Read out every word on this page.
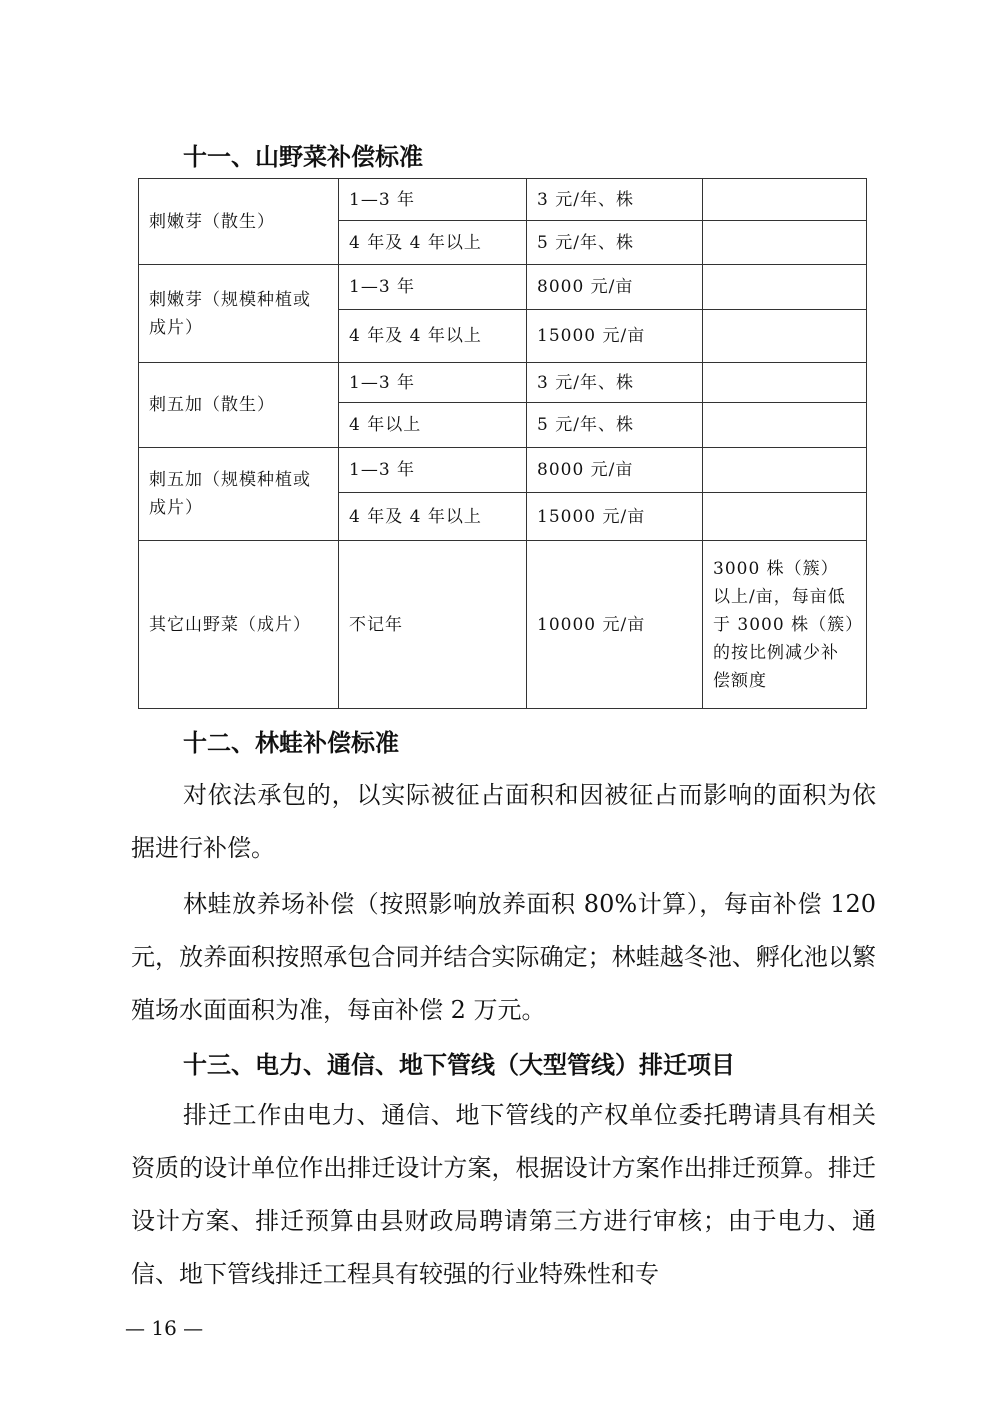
十一、山野菜补偿标准
刺嫩芽（散生）	1—3 年	3 元/年、株	
	4 年及 4 年以上	5 元/年、株	
刺嫩芽（规模种植或成片）	1—3 年	8000 元/亩	
	4 年及 4 年以上	15000 元/亩	
刺五加（散生）	1—3 年	3 元/年、株	
	4 年以上	5 元/年、株	
刺五加（规模种植或成片）	1—3 年	8000 元/亩	
	4 年及 4 年以上	15000 元/亩	
其它山野菜（成片）	不记年	10000 元/亩	3000 株（簇）以上/亩，每亩低于 3000 株（簇）的按比例减少补偿额度
十二、林蛙补偿标准

对依法承包的，以实际被征占面积和因被征占而影响的面积为依据进行补偿。

林蛙放养场补偿（按照影响放养面积 80%计算），每亩补偿 120 元，放养面积按照承包合同并结合实际确定；林蛙越冬池、孵化池以繁殖场水面面积为准，每亩补偿 2 万元。

十三、电力、通信、地下管线（大型管线）排迁项目

排迁工作由电力、通信、地下管线的产权单位委托聘请具有相关资质的设计单位作出排迁设计方案，根据设计方案作出排迁预算。排迁设计方案、排迁预算由县财政局聘请第三方进行审核；由于电力、通信、地下管线排迁工程具有较强的行业特殊性和专

— 16 —
